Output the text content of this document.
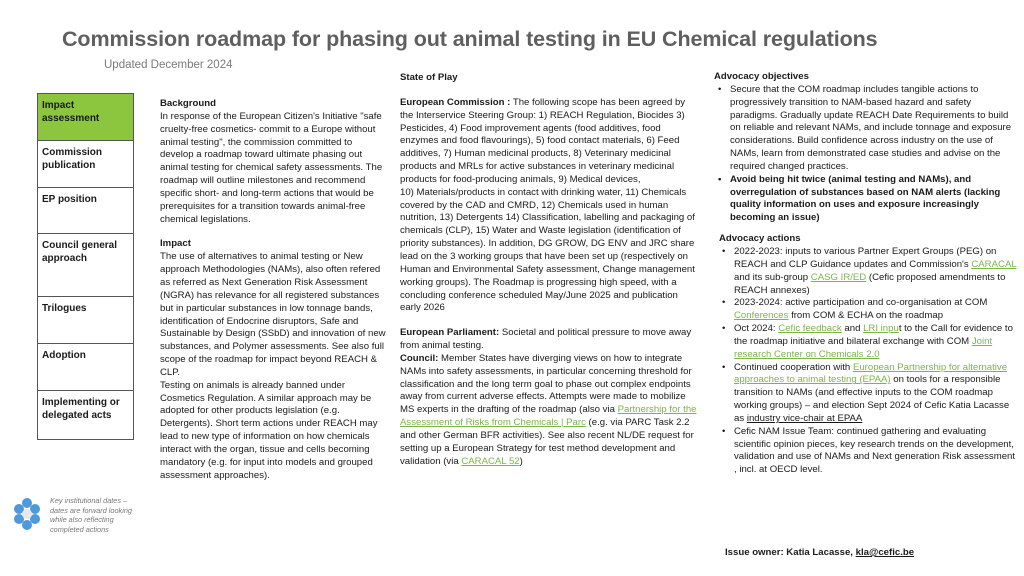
Commission roadmap for phasing out animal testing in EU Chemical regulations
Updated December 2024
Impact assessment
Commission publication
EP position
Council general approach
Trilogues
Adoption
Implementing or delegated acts
Key institutional dates – dates are forward looking while also reflecting completed actions

Background

In response of the European Citizen's Initiative "safe cruelty-free cosmetics- commit to a Europe without animal testing", the commission committed to develop a roadmap toward ultimate phasing out animal testing for chemical safety assessments. The roadmap will outline milestones and recommend specific short- and long-term actions that would be prerequisites for a transition towards animal-free chemical legislations.

Impact

The use of alternatives to animal testing or New approach Methodologies (NAMs), also often refered as referred as Next Generation Risk Assessment (NGRA) has relevance for all registered substances but in particular substances in low tonnage bands, identification of Endocrine disruptors, Safe and Sustainable by Design (SSbD) and innovation of new substances, and Polymer assessments. See also full scope of the roadmap for impact beyond REACH & CLP.

Testing on animals is already banned under Cosmetics Regulation. A similar approach may be adopted for other products legislation (e.g. Detergents). Short term actions under REACH may lead to new type of information on how chemicals interact with the organ, tissue and cells becoming mandatory (e.g. for input into models and grouped assessment approaches).

State of Play

European Commission : The following scope has been agreed by the Interservice Steering Group: 1) REACH Regulation, Biocides 3) Pesticides, 4) Food improvement agents (food additives, food enzymes and food flavourings), 5) food contact materials, 6) Feed additives, 7) Human medicinal products, 8) Veterinary medicinal products and MRLs for active substances in veterinary medicinal products for food-producing animals, 9) Medical devices,

10) Materials/products in contact with drinking water, 11) Chemicals covered by the CAD and CMRD, 12) Chemicals used in human nutrition, 13) Detergents 14) Classification, labelling and packaging of chemicals (CLP), 15) Water and Waste legislation (identification of priority substances). In addition, DG GROW, DG ENV and JRC share lead on the 3 working groups that have been set up (respectively on Human and Environmental Safety assessment, Change management working groups). The Roadmap is progressing high speed, with a concluding conference scheduled May/June 2025 and publication early 2026

European Parliament: Societal and political pressure to move away from animal testing.

Council: Member States have diverging views on how to integrate NAMs into safety assessments, in particular concerning threshold for classification and the long term goal to phase out complex endpoints away from current adverse effects. Attempts were made to mobilize MS experts in the drafting of the roadmap (also via Partnership for the Assessment of Risks from Chemicals | Parc (e.g. via PARC Task 2.2 and other German BFR activities). See also recent NL/DE request for setting up a European Strategy for test method development and validation (via CARACAL 52)

Advocacy objectives

• Secure that the COM roadmap includes tangible actions to progressively transition to NAM-based hazard and safety paradigms. Gradually update REACH Date Requirements to build on reliable and relevant NAMs, and include tonnage and exposure considerations. Build confidence across industry on the use of NAMs, learn from demonstrated case studies and advise on the required changed practices.
• Avoid being hit twice (animal testing and NAMs), and overregulation of substances based on NAM alerts (lacking quality information on uses and exposure increasingly becoming an issue)

Advocacy actions

• 2022-2023: inputs to various Partner Expert Groups (PEG) on REACH and CLP Guidance updates and Commission's CARACAL and its sub-group CASG IR/ED (Cefic proposed amendments to REACH annexes)
• 2023-2024: active participation and co-organisation at COM Conferences from COM & ECHA on the roadmap
• Oct 2024: Cefic feedback and LRI input to the Call for evidence to the roadmap initiative and bilateral exchange with COM Joint research Center on Chemicals 2.0
• Continued cooperation with European Partnership for alternative approaches to animal testing (EPAA) on tools for a responsible transition to NAMs (and effective inputs to the COM roadmap working groups) – and election Sept 2024 of Cefic Katia Lacasse as industry vice-chair at EPAA
• Cefic NAM Issue Team: continued gathering and evaluating scientific opinion pieces, key research trends on the development, validation and use of NAMs and Next generation Risk assessment , incl. at OECD level.
Issue owner: Katia Lacasse, kla@cefic.be
